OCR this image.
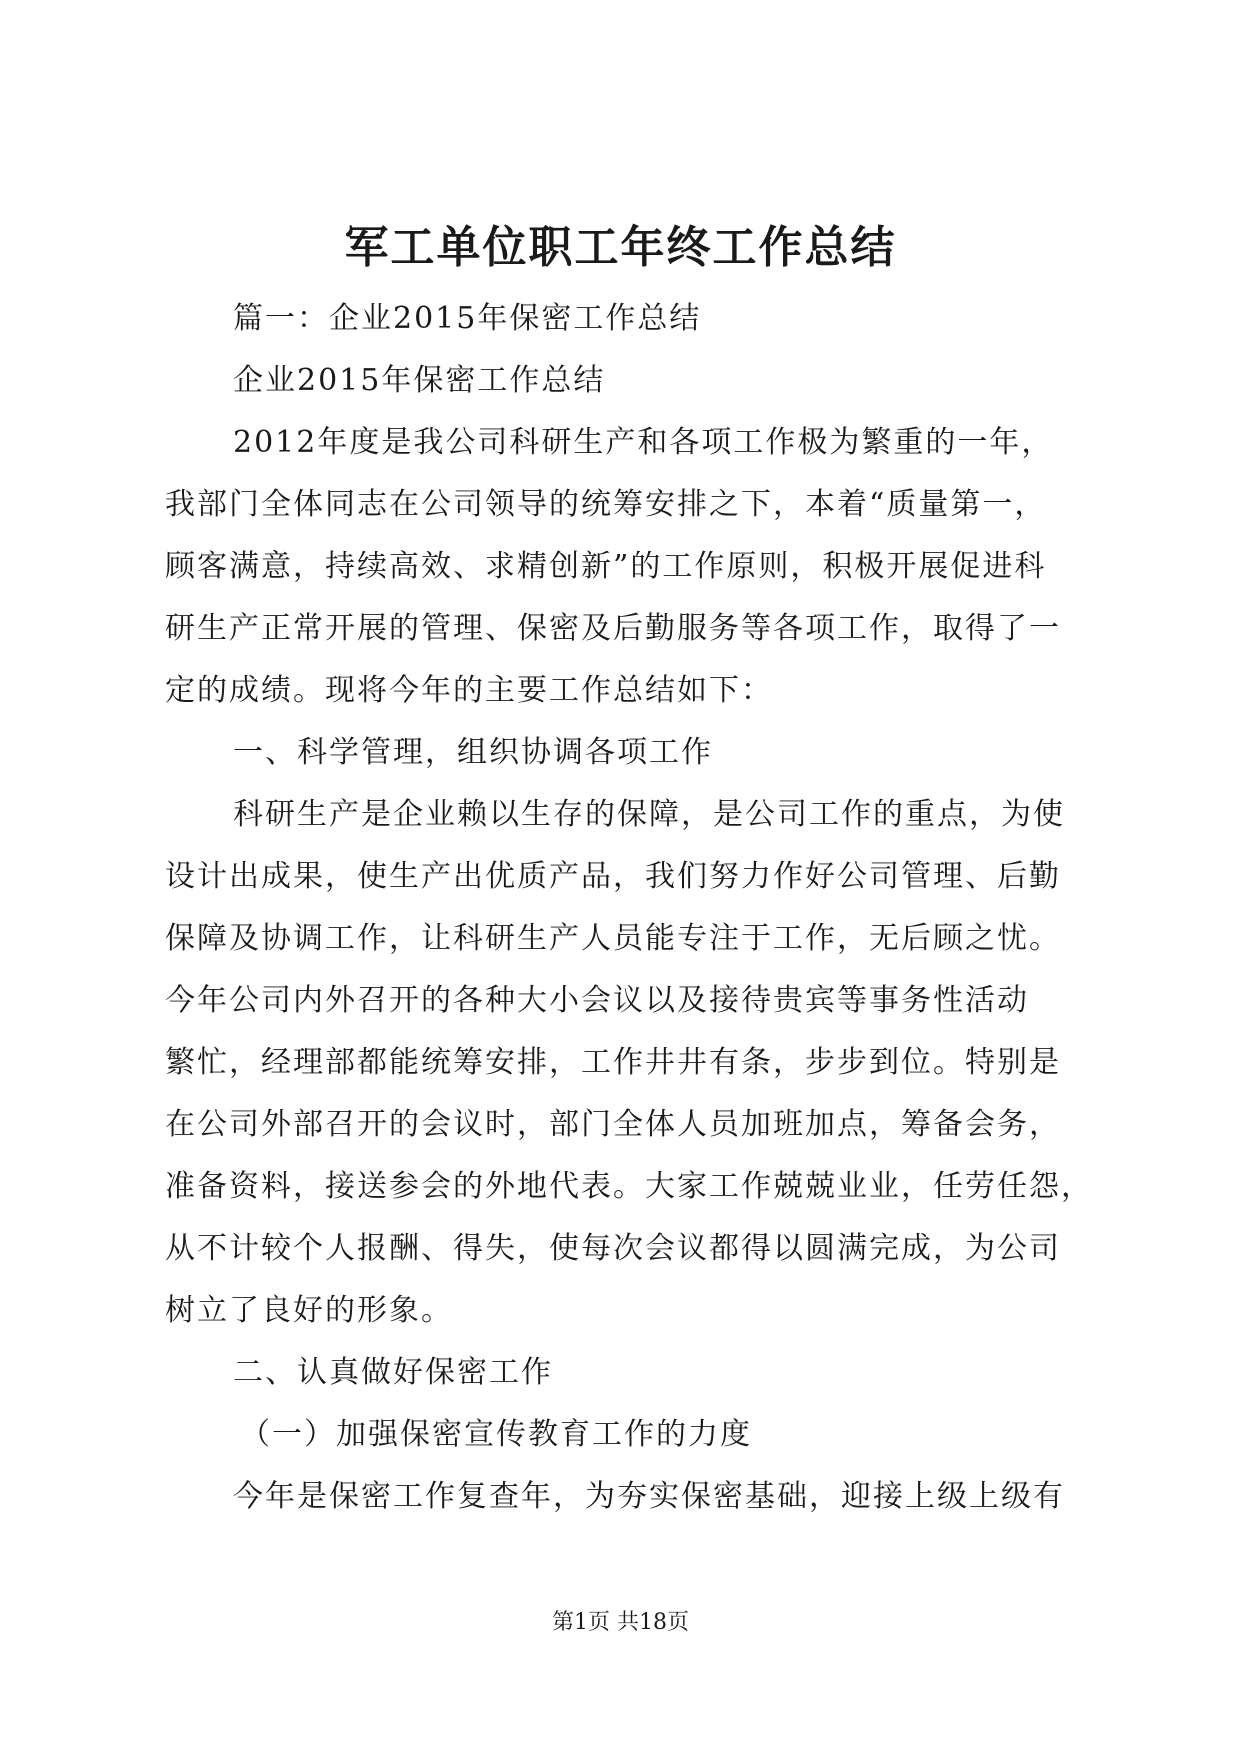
军工单位职工年终工作总结
篇一：企业2015年保密工作总结
企业2015年保密工作总结
2012年度是我公司科研生产和各项工作极为繁重的一年，
我部门全体同志在公司领导的统筹安排之下，本着“质量第一，
顾客满意，持续高效、求精创新”的工作原则，积极开展促进科
研生产正常开展的管理、保密及后勤服务等各项工作，取得了一
定的成绩。现将今年的主要工作总结如下：
一、科学管理，组织协调各项工作
科研生产是企业赖以生存的保障，是公司工作的重点，为使
设计出成果，使生产出优质产品，我们努力作好公司管理、后勤
保障及协调工作，让科研生产人员能专注于工作，无后顾之忧。
今年公司内外召开的各种大小会议以及接待贵宾等事务性活动
繁忙，经理部都能统筹安排，工作井井有条，步步到位。特别是
在公司外部召开的会议时，部门全体人员加班加点，筹备会务，
准备资料，接送参会的外地代表。大家工作兢兢业业，任劳任怨，
从不计较个人报酬、得失，使每次会议都得以圆满完成，为公司
树立了良好的形象。
二、认真做好保密工作
（一）加强保密宣传教育工作的力度
今年是保密工作复查年，为夯实保密基础，迎接上级上级有
第1页 共18页
